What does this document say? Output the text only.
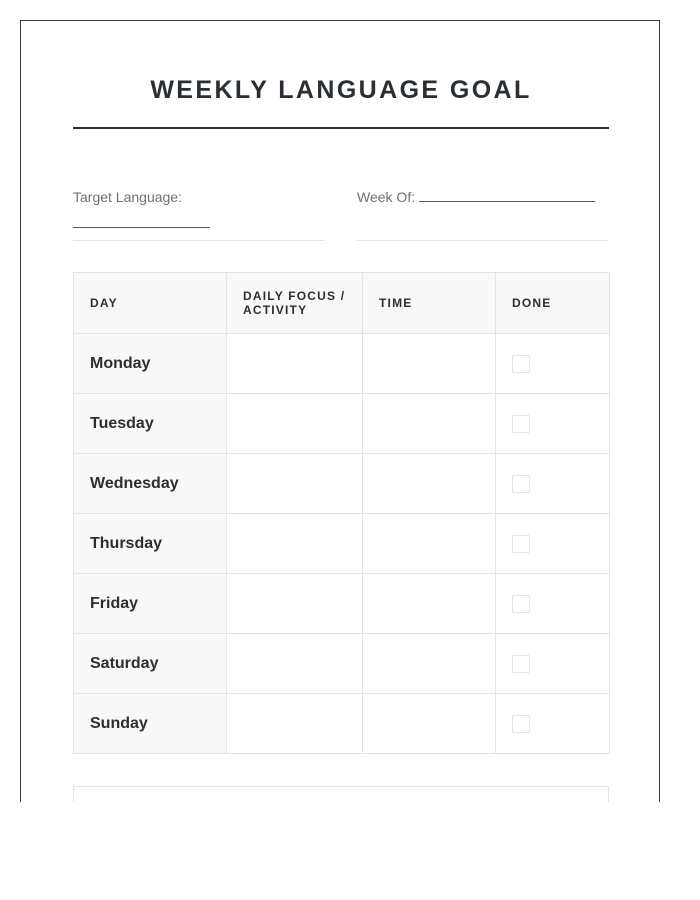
WEEKLY LANGUAGE GOAL
Target Language:	Week Of:
DAY	DAILY FOCUS / ACTIVITY	TIME	DONE
Monday			

Tuesday			

Wednesday			

Thursday			

Friday			

Saturday			

Sunday			
